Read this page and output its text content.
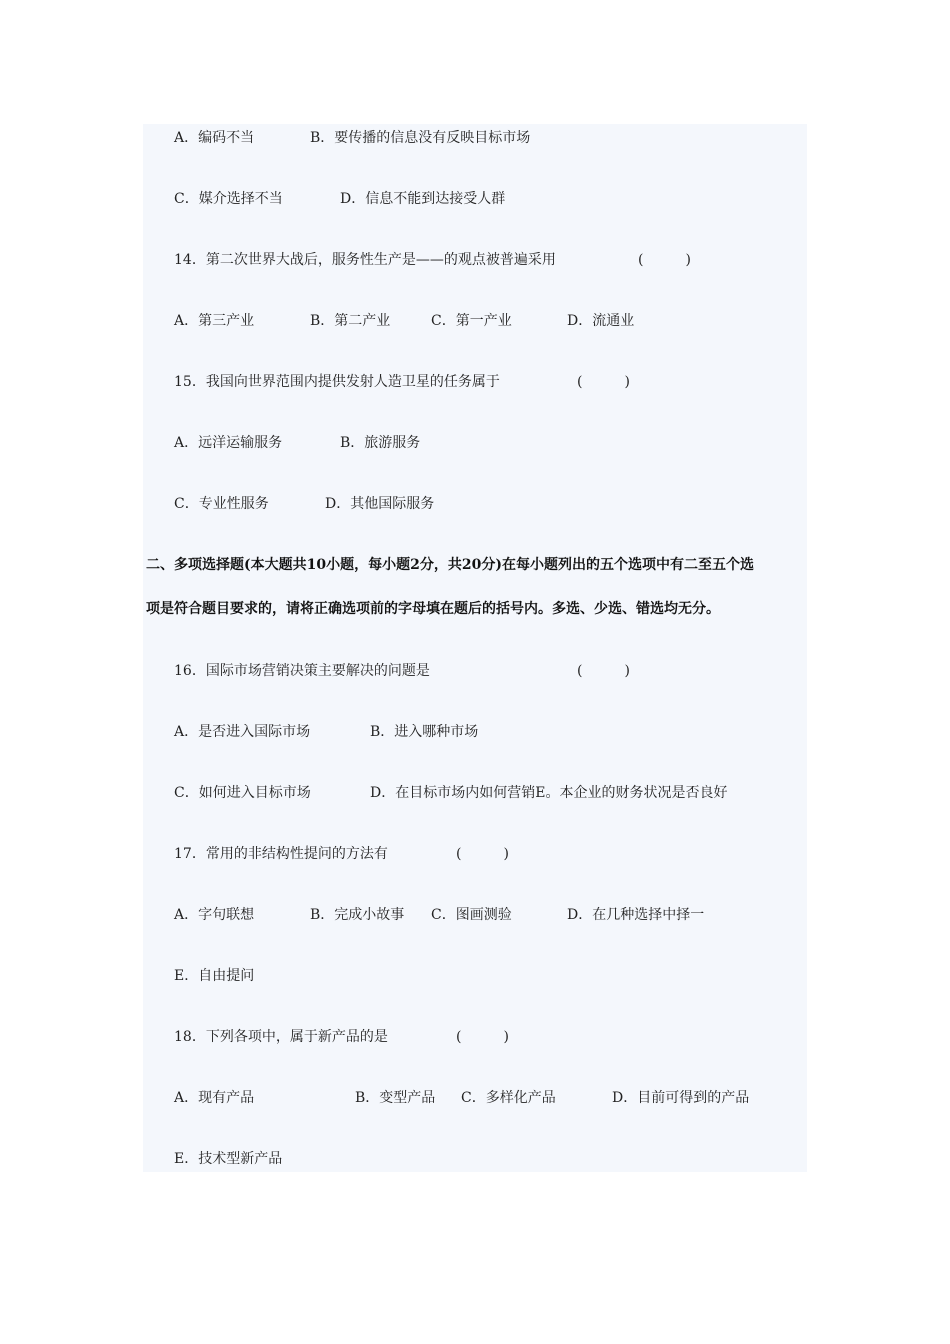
A．编码不当	B．要传播的信息没有反映目标市场
C．媒介选择不当	D．信息不能到达接受人群
14．第二次世界大战后，服务性生产是——的观点被普遍采用	(　　　)
A．第三产业	B．第二产业	C．第一产业	D．流通业
15．我国向世界范围内提供发射人造卫星的任务属于	(　　　)
A．远洋运输服务	B．旅游服务
C．专业性服务	D．其他国际服务
二、多项选择题(本大题共10小题，每小题2分，共20分)在每小题列出的五个选项中有二至五个选
项是符合题目要求的，请将正确选项前的字母填在题后的括号内。多选、少选、错选均无分。
16．国际市场营销决策主要解决的问题是	(　　　)
A．是否进入国际市场	B．进入哪种市场
C．如何进入目标市场	D．在目标市场内如何营销E。本企业的财务状况是否良好
17．常用的非结构性提问的方法有	(　　　)
A．字句联想	B．完成小故事 C．图画测验	D．在几种选择中择一
E．自由提问
18．下列各项中，属于新产品的是	(　　　)
A．现有产品	B．变型产品 C．多样化产品	D．目前可得到的产品
E．技术型新产品
